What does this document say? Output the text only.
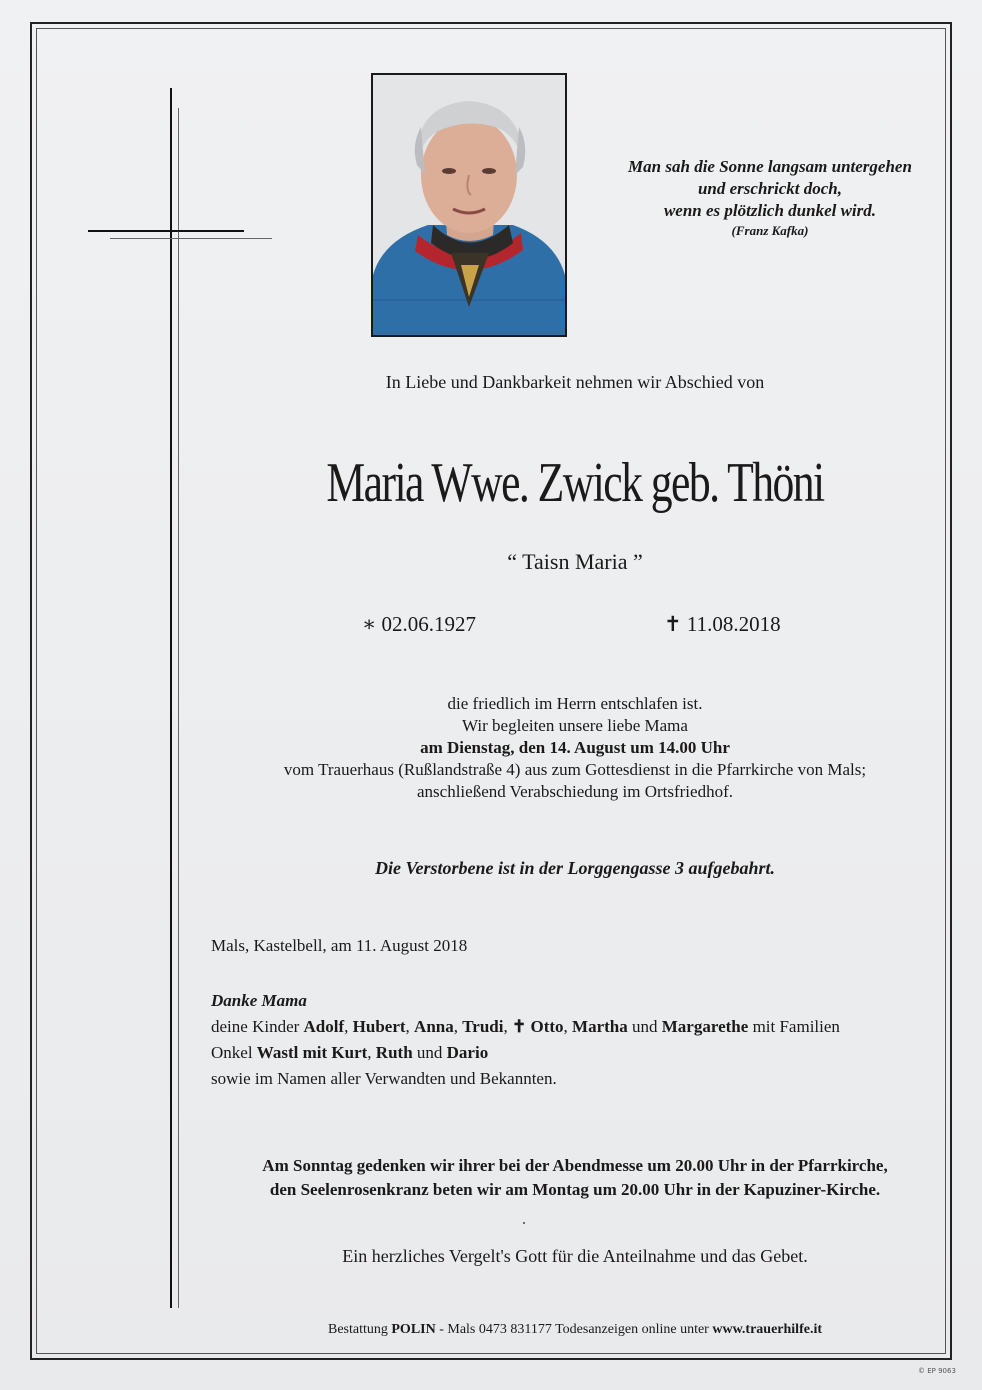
Man sah die Sonne langsam untergehen
und erschrickt doch,
wenn es plötzlich dunkel wird.
(Franz Kafka)
In Liebe und Dankbarkeit nehmen wir Abschied von
Maria Wwe. Zwick geb. Thöni
“ Taisn Maria ”
∗ 02.06.1927	✝ 11.08.2018
die friedlich im Herrn entschlafen ist.
Wir begleiten unsere liebe Mama
am Dienstag, den 14. August um 14.00 Uhr
vom Trauerhaus (Rußlandstraße 4) aus zum Gottesdienst in die Pfarrkirche von Mals;
anschließend Verabschiedung im Ortsfriedhof.
Die Verstorbene ist in der Lorggengasse 3 aufgebahrt.
Mals, Kastelbell, am 11. August 2018
Danke Mama
deine Kinder Adolf, Hubert, Anna, Trudi, ✝ Otto, Martha und Margarethe mit Familien
Onkel Wastl mit Kurt, Ruth und Dario
sowie im Namen aller Verwandten und Bekannten.
Am Sonntag gedenken wir ihrer bei der Abendmesse um 20.00 Uhr in der Pfarrkirche,
den Seelenrosenkranz beten wir am Montag um 20.00 Uhr in der Kapuziner-Kirche.
Ein herzliches Vergelt's Gott für die Anteilnahme und das Gebet.
Bestattung POLIN - Mals 0473 831177 Todesanzeigen online unter www.trauerhilfe.it
© EP 9063
